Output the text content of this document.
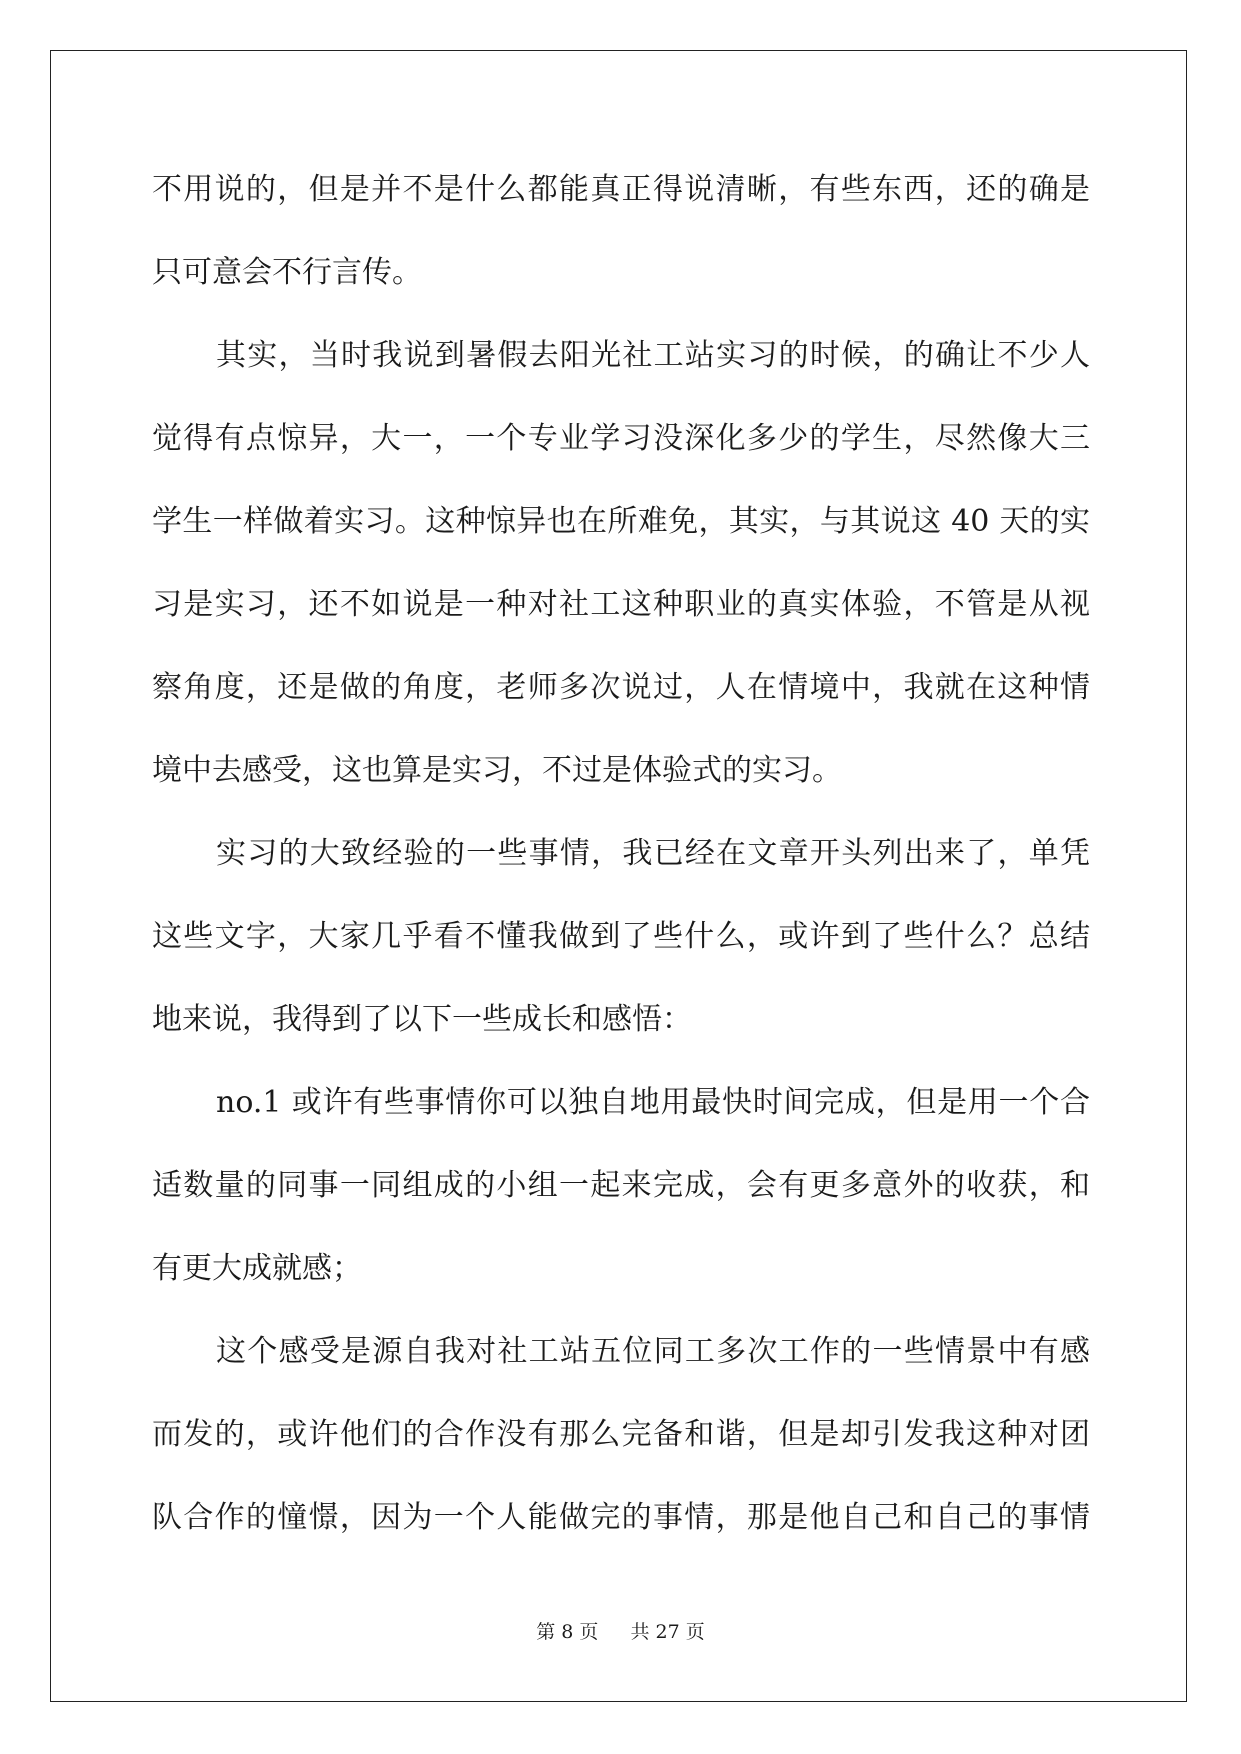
不用说的，但是并不是什么都能真正得说清晰，有些东西，还的确是
只可意会不行言传。
其实，当时我说到暑假去阳光社工站实习的时候，的确让不少人
觉得有点惊异，大一，一个专业学习没深化多少的学生，尽然像大三
学生一样做着实习。这种惊异也在所难免，其实，与其说这 40 天的实
习是实习，还不如说是一种对社工这种职业的真实体验，不管是从视
察角度，还是做的角度，老师多次说过，人在情境中，我就在这种情
境中去感受，这也算是实习，不过是体验式的实习。
实习的大致经验的一些事情，我已经在文章开头列出来了，单凭
这些文字，大家几乎看不懂我做到了些什么，或许到了些什么？总结
地来说，我得到了以下一些成长和感悟：
no.1 或许有些事情你可以独自地用最快时间完成，但是用一个合
适数量的同事一同组成的小组一起来完成，会有更多意外的收获，和
有更大成就感；
这个感受是源自我对社工站五位同工多次工作的一些情景中有感
而发的，或许他们的合作没有那么完备和谐，但是却引发我这种对团
队合作的憧憬，因为一个人能做完的事情，那是他自己和自己的事情
第 8 页 共 27 页
